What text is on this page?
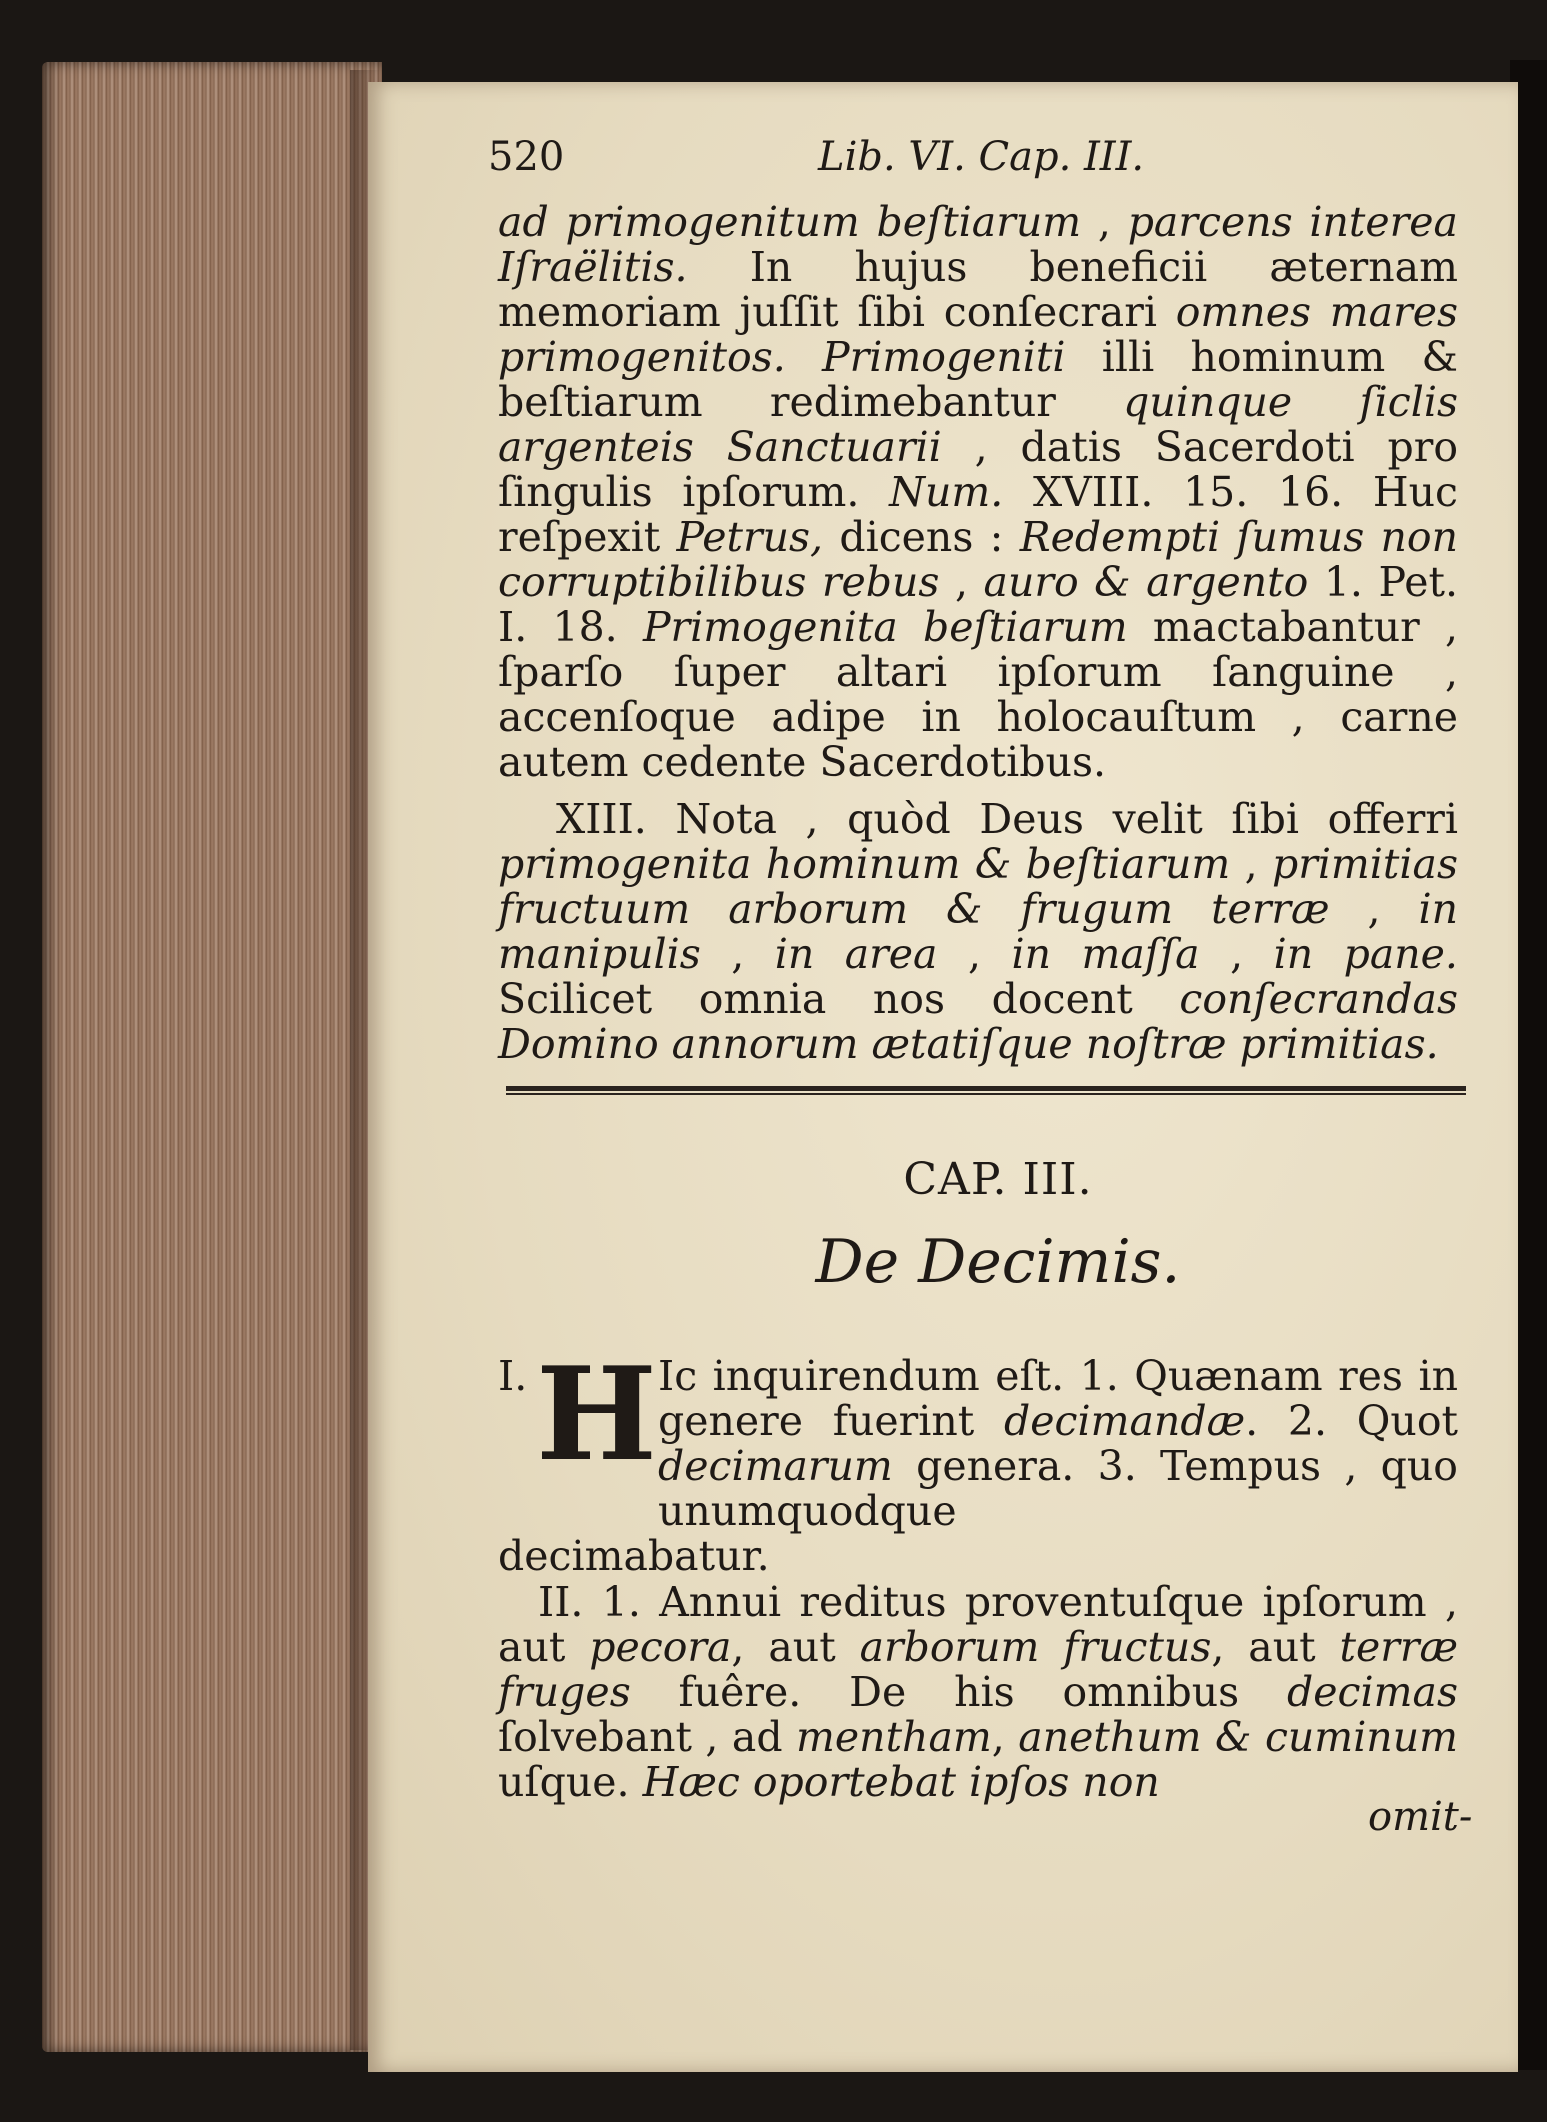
520	Lib. VI. Cap. III.

ad primogenitum beſtiarum , parcens interea Iſraëlitis. In hujus beneficii æternam memoriam juſſit ſibi conſecrari omnes mares primogenitos. Primogeniti illi hominum & beſtiarum redimebantur quinque ſiclis argenteis Sanctuarii , datis Sacerdoti pro ſingulis ipſorum. Num. XVIII. 15. 16. Huc reſpexit Petrus, dicens : Redempti ſumus non corruptibilibus rebus , auro & argento 1. Pet. I. 18. Primogenita beſtiarum mactabantur , ſparſo ſuper altari ipſorum ſanguine , accenſoque adipe in holocauſtum , carne autem cedente Sacerdotibus.

XIII. Nota , quòd Deus velit ſibi offerri primogenita hominum & beſtiarum , primitias fructuum arborum & frugum terræ , in manipulis , in area , in maſſa , in pane. Scilicet omnia nos docent conſecrandas Domino annorum ætatiſque noſtræ primitias.

CAP. III.
De Decimis.
I. H Ic inquirendum eſt. 1. Quænam res in genere fuerint decimandæ. 2. Quot decimarum genera. 3. Tempus , quo unumquodque

decimabatur.

II. 1. Annui reditus proventuſque ipſorum , aut pecora, aut arborum fructus, aut terræ fruges fuêre. De his omnibus decimas ſolvebant , ad mentham, anethum & cuminum uſque. Hæc oportebat ipſos non

omit-
